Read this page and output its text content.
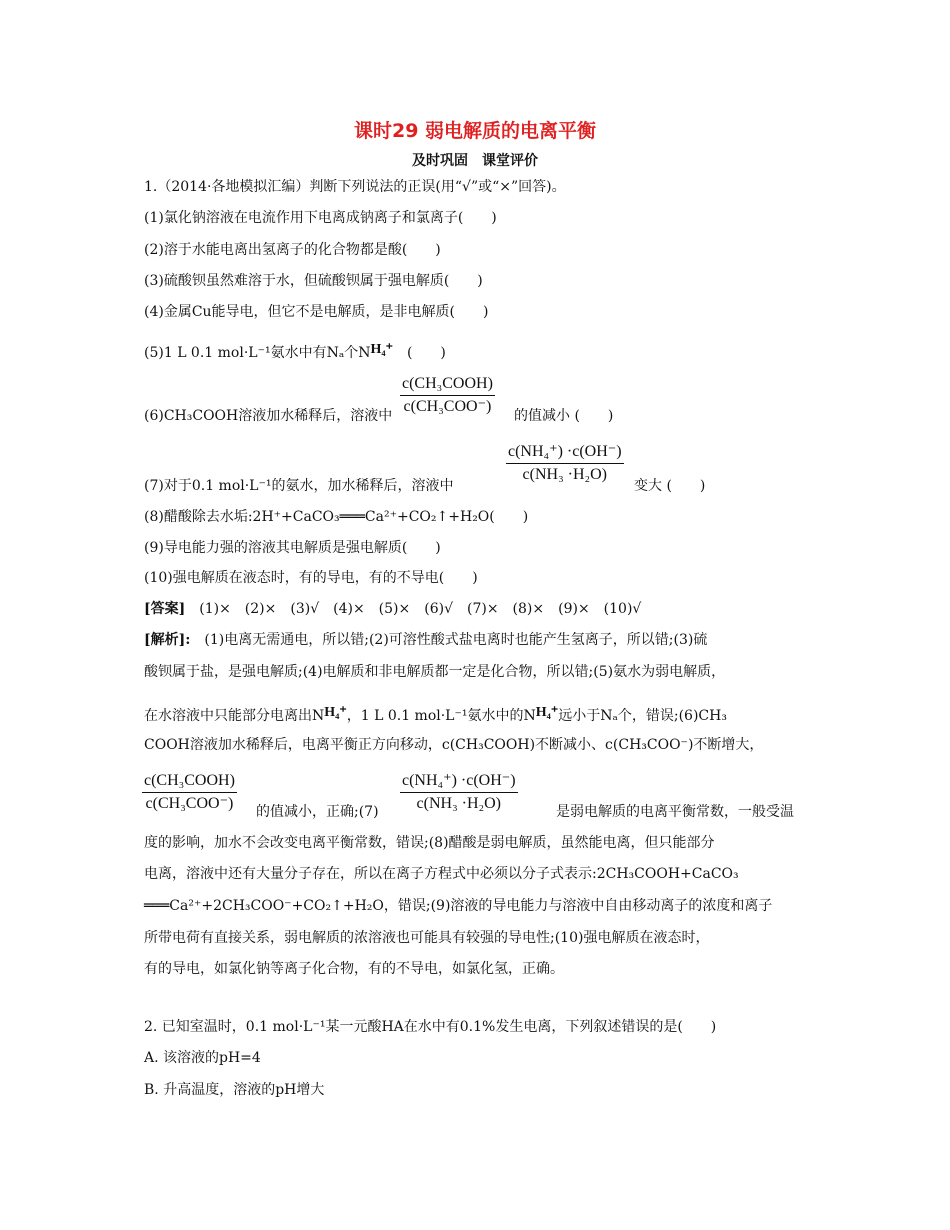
课时29 弱电解质的电离平衡
及时巩固　课堂评价
1.（2014·各地模拟汇编）判断下列说法的正误(用“√”或“×”回答)。
(1)氯化钠溶液在电流作用下电离成钠离子和氯离子(　　)
(2)溶于水能电离出氢离子的化合物都是酸(　　)
(3)硫酸钡虽然难溶于水，但硫酸钡属于强电解质(　　)
(4)金属Cu能导电，但它不是电解质，是非电解质(　　)
(5)1 L 0.1 mol·L⁻¹氨水中有Nₐ个NH₄⁺　 (　　)
c(CH₃COOH)
c(CH₃COO⁻)
(6)CH₃COOH溶液加水稀释后，溶液中	的值减小 (　　)
$\frac{\text{c(NH₄⁺) ·c(OH⁻)}}{\text{c(NH₃ ·H₂O)}}$
(7)对于0.1 mol·L⁻¹的氨水，加水稀释后，溶液中	变大 (　　)
(8)醋酸除去水垢:2H⁺+CaCO₃═══Ca²⁺+CO₂↑+H₂O(　　)
(9)导电能力强的溶液其电解质是强电解质(　　)
(10)强电解质在液态时，有的导电，有的不导电(　　)
[答案]　 (1)×　(2)×　(3)√　(4)×　(5)×　(6)√　(7)×　(8)×　(9)×　(10)√
[解析]:　 (1)电离无需通电，所以错;(2)可溶性酸式盐电离时也能产生氢离子，所以错;(3)硫
酸钡属于盐，是强电解质;(4)电解质和非电解质都一定是化合物，所以错;(5)氨水为弱电解质，
在水溶液中只能部分电离出NH₄⁺，1 L 0.1 mol·L⁻¹氨水中的NH₄⁺远小于Nₐ个，错误;(6)CH₃
COOH溶液加水稀释后，电离平衡正方向移动，c(CH₃COOH)不断减小、c(CH₃COO⁻)不断增大，
c(CH₃COOH)
c(CH₃COO⁻) 的值减小，正确;(7) $\frac{\text{c(NH₄⁺) ·c(OH⁻)}}{\text{c(NH₃ ·H₂O)}}$	是弱电解质的电离平衡常数，一般受温
度的影响，加水不会改变电离平衡常数，错误;(8)醋酸是弱电解质，虽然能电离，但只能部分
电离，溶液中还有大量分子存在，所以在离子方程式中必须以分子式表示:2CH₃COOH+CaCO₃
═══Ca²⁺+2CH₃COO⁻+CO₂↑+H₂O，错误;(9)溶液的导电能力与溶液中自由移动离子的浓度和离子
所带电荷有直接关系，弱电解质的浓溶液也可能具有较强的导电性;(10)强电解质在液态时，
有的导电，如氯化钠等离子化合物，有的不导电，如氯化氢，正确。
2. 已知室温时，0.1 mol·L⁻¹某一元酸HA在水中有0.1%发生电离，下列叙述错误的是(　　)
A. 该溶液的pH=4
B. 升高温度，溶液的pH增大
